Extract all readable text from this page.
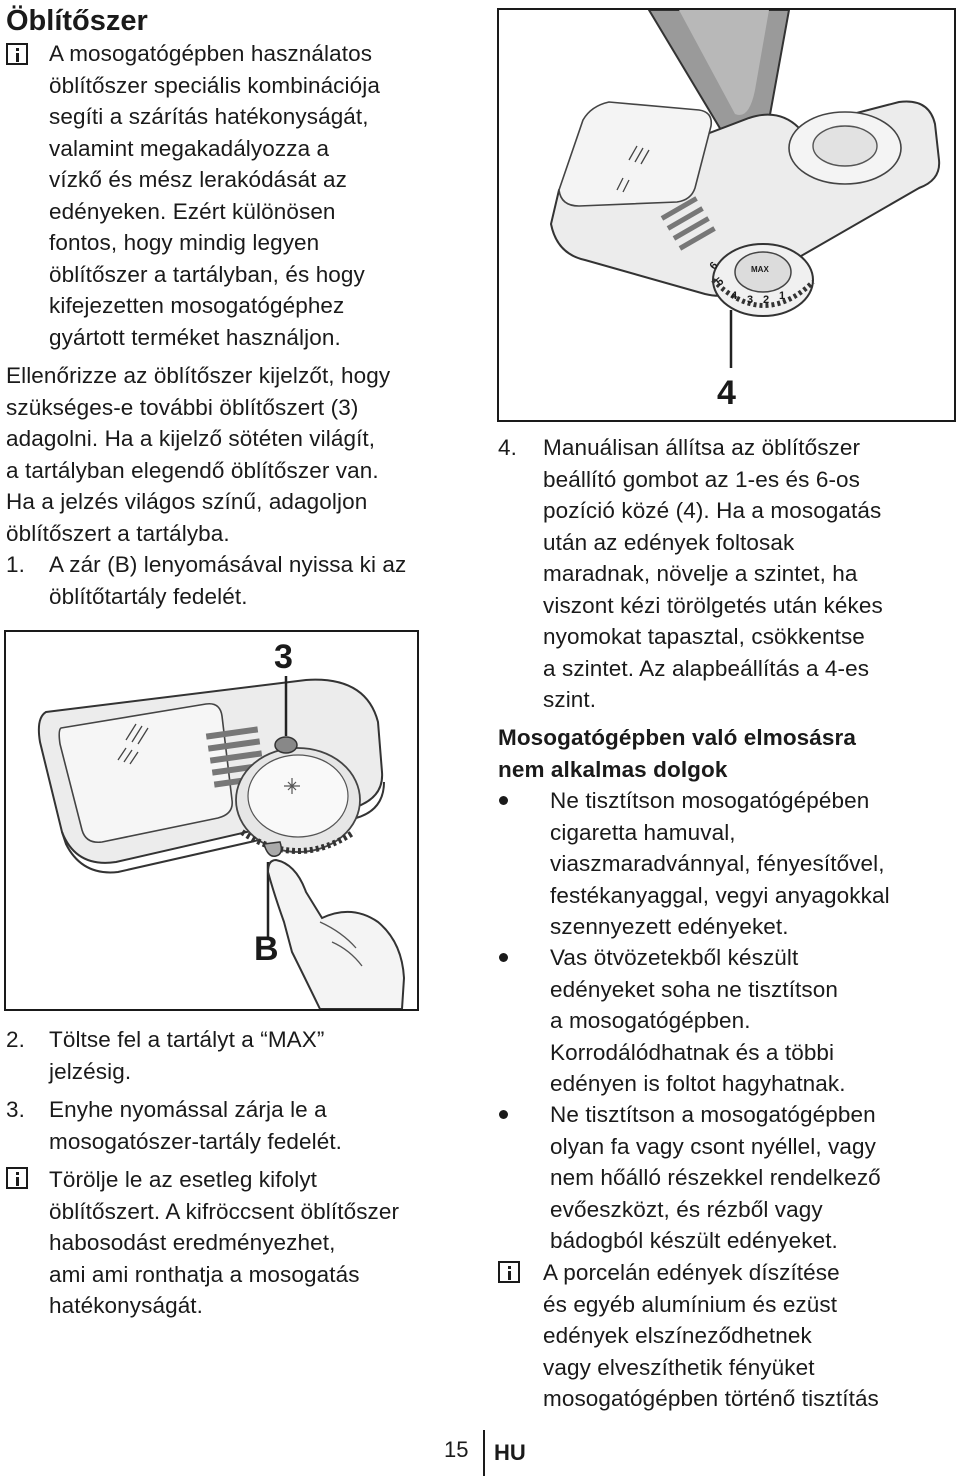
Öblítőszer
A mosogatógépben használatos
öblítőszer speciális kombinációja
segíti a szárítás hatékonyságát,
valamint megakadályozza a
vízkő és mész lerakódását az
edényeken. Ezért különösen
fontos, hogy mindig legyen
öblítőszer a tartályban, és hogy
kifejezetten mosogatógéphez
gyártott terméket használjon.
Ellenőrizze az öblítőszer kijelzőt, hogy
szükséges-e további öblítőszert (3)
adagolni. Ha a kijelző sötéten világít,
a tartályban elegendő öblítőszer van.
Ha a jelzés világos színű, adagoljon
öblítőszert a tartályba.
1. A zár (B) lenyomásával nyissa ki az
öblítőtartály fedelét.
3
B
2. Töltse fel a tartályt a “MAX”
jelzésig.
3. Enyhe nyomással zárja le a
mosogatószer-tartály fedelét.
Törölje le az esetleg kifolyt
öblítőszert. A kifröccsent öblítőszer
habosodást eredményezhet,
ami ami ronthatja a mosogatás
hatékonyságát.
6
5
4 3 2 1
MAX
4
4. Manuálisan állítsa az öblítőszer
beállító gombot az 1-es és 6-os
pozíció közé (4). Ha a mosogatás
után az edények foltosak
maradnak, növelje a szintet, ha
viszont kézi törölgetés után kékes
nyomokat tapasztal, csökkentse
a szintet. Az alapbeállítás a 4-es
szint.
Mosogatógépben való elmosásra
nem alkalmas dolgok
Ne tisztítson mosogatógépében
cigaretta hamuval,
viaszmaradvánnyal, fényesítővel,
festékanyaggal, vegyi anyagokkal
szennyezett edényeket.
Vas ötvözetekből készült
edényeket soha ne tisztítson
a mosogatógépben.
Korrodálódhatnak és a többi
edényen is foltot hagyhatnak.
Ne tisztítson a mosogatógépben
olyan fa vagy csont nyéllel, vagy
nem hőálló részekkel rendelkező
evőeszközt, és rézből vagy
bádogból készült edényeket.
A porcelán edények díszítése
és egyéb alumínium és ezüst
edények elszíneződhetnek
vagy elveszíthetik fényüket
mosogatógépben történő tisztítás
15 HU
